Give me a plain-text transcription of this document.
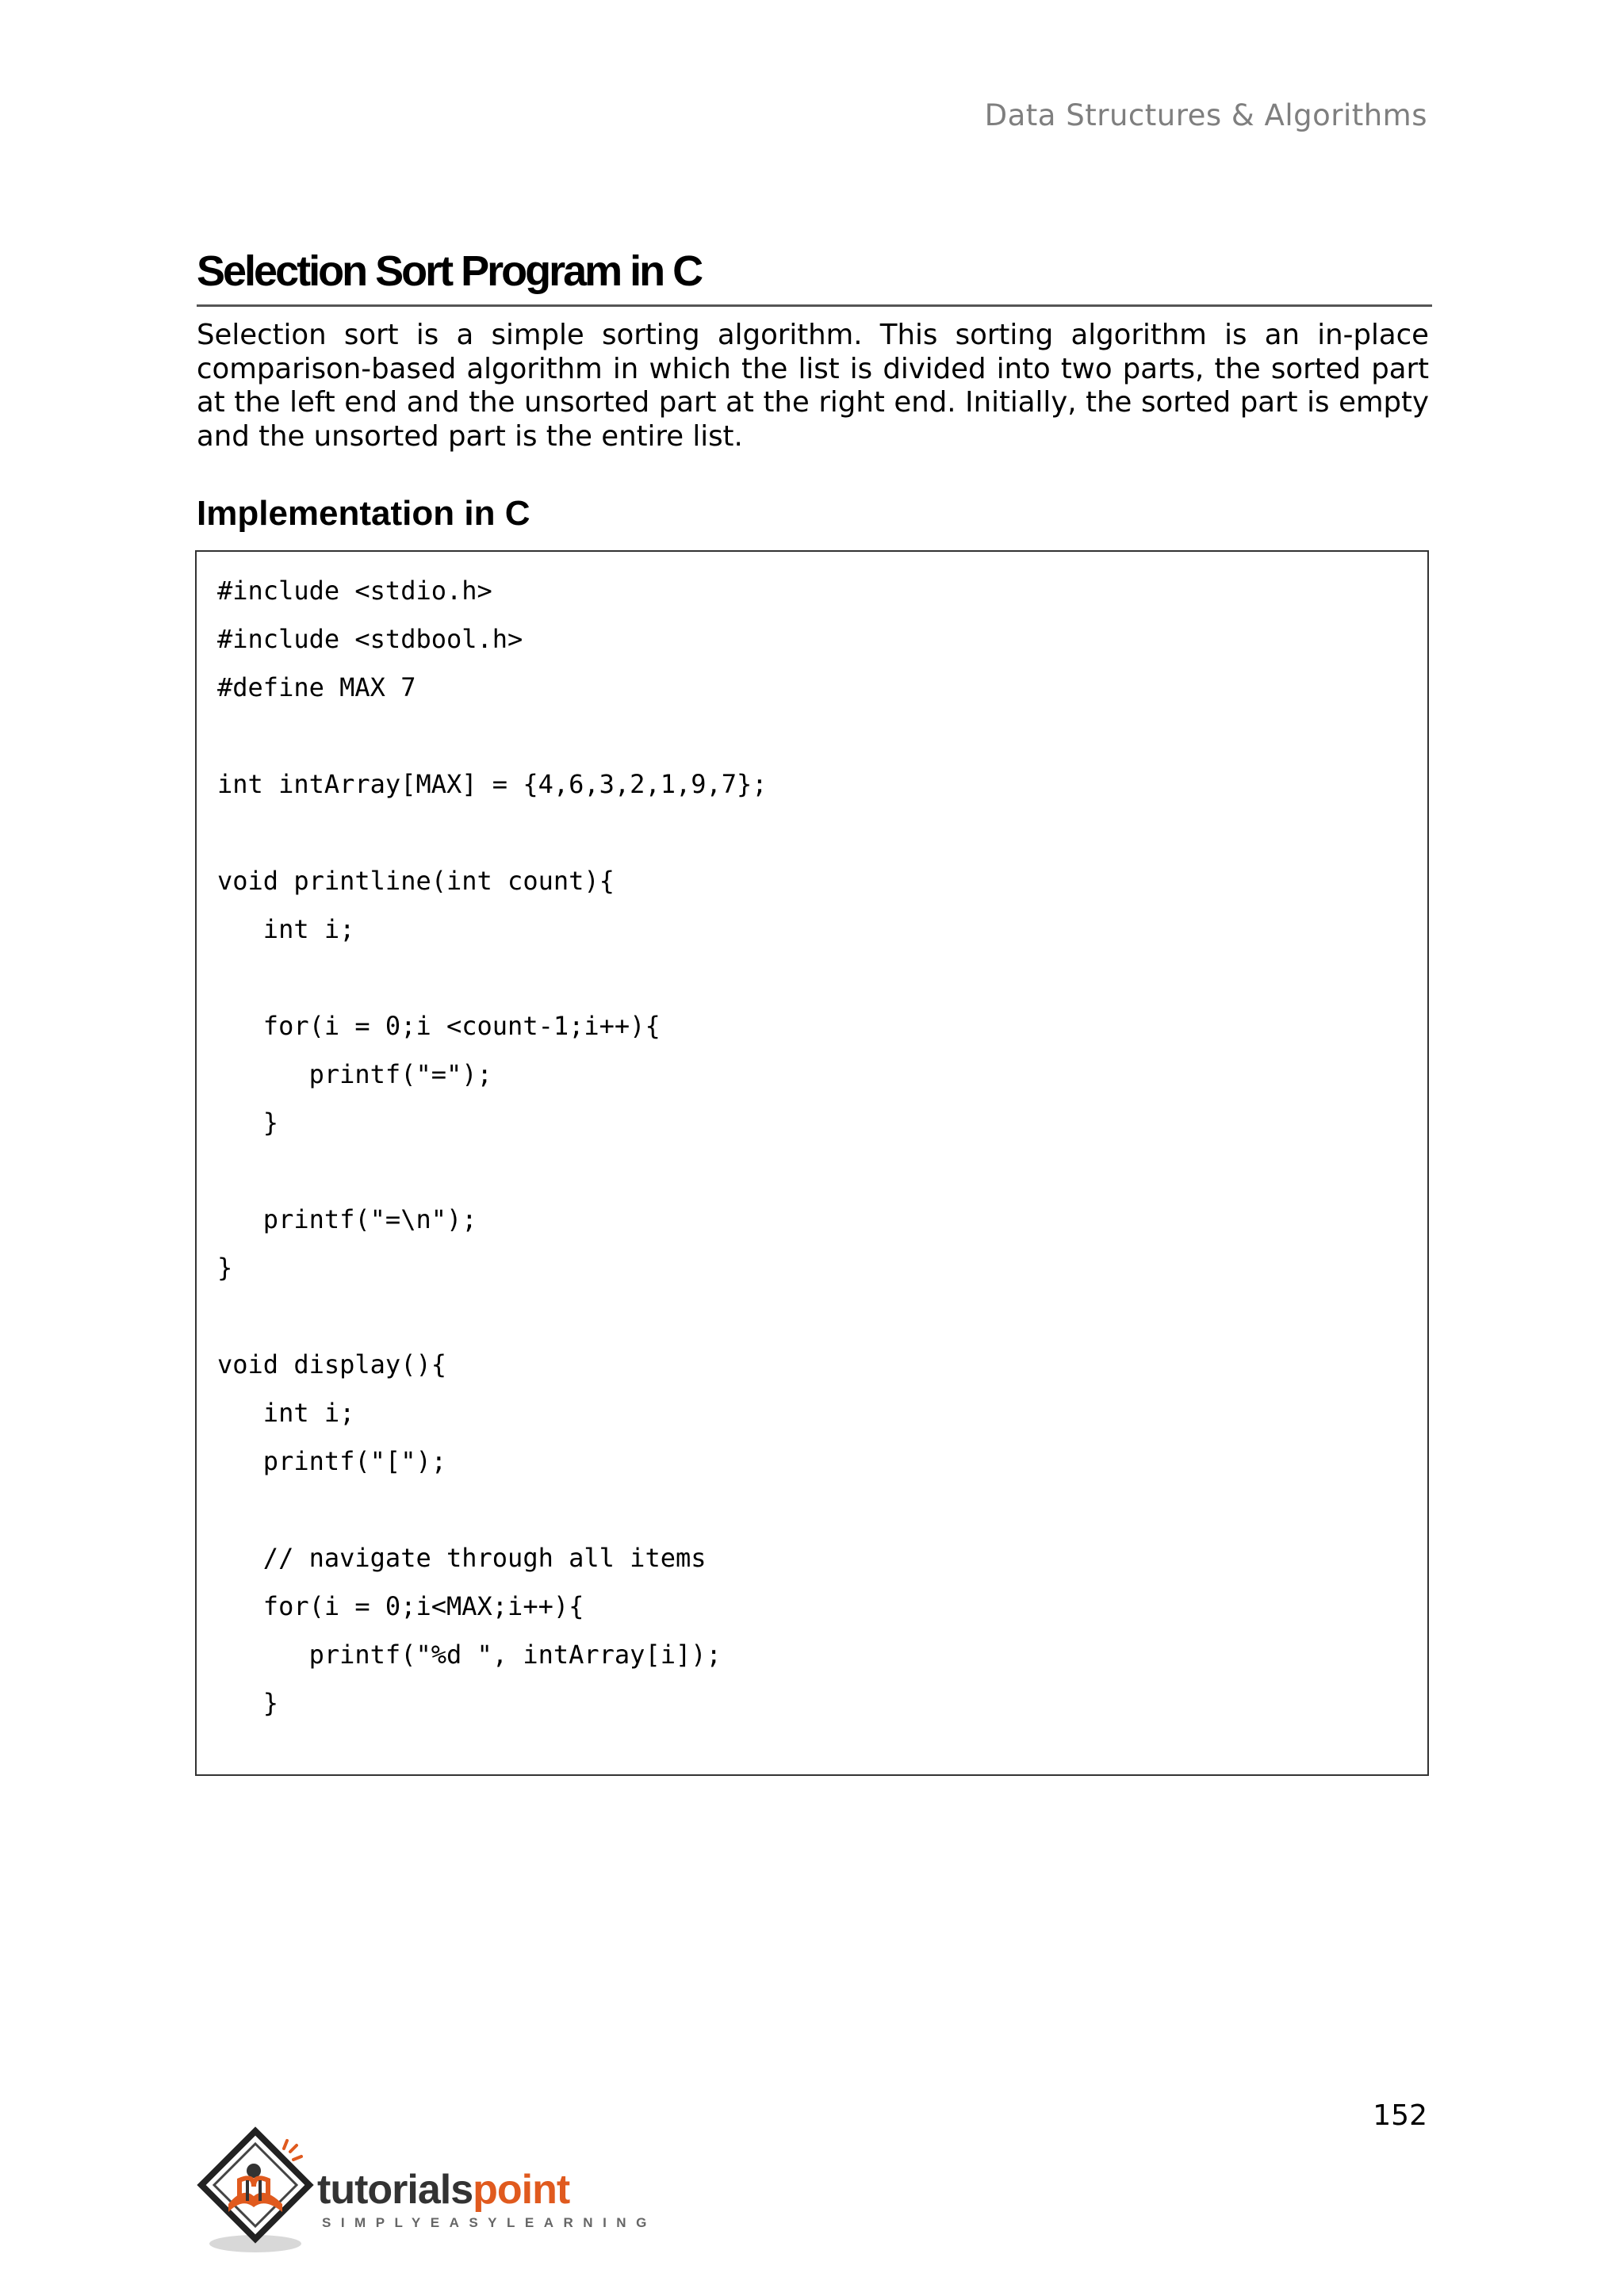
Data Structures & Algorithms
Selection Sort Program in C

Selection sort is a simple sorting algorithm. This sorting algorithm is an in-place comparison-based algorithm in which the list is divided into two parts, the sorted part at the left end and the unsorted part at the right end. Initially, the sorted part is empty and the unsorted part is the entire list.

Implementation in C
#include <stdio.h>
#include <stdbool.h>
#define MAX 7
int intArray[MAX] = {4,6,3,2,1,9,7};
void printline(int count){
int i;
for(i = 0;i <count-1;i++){
printf("=");
}
printf("=\n");
}
void display(){
int i;
printf("[");
// navigate through all items
for(i = 0;i<MAX;i++){
printf("%d ", intArray[i]);
}
152
tutorialspoint
SIMPLYEASYLEARNING
